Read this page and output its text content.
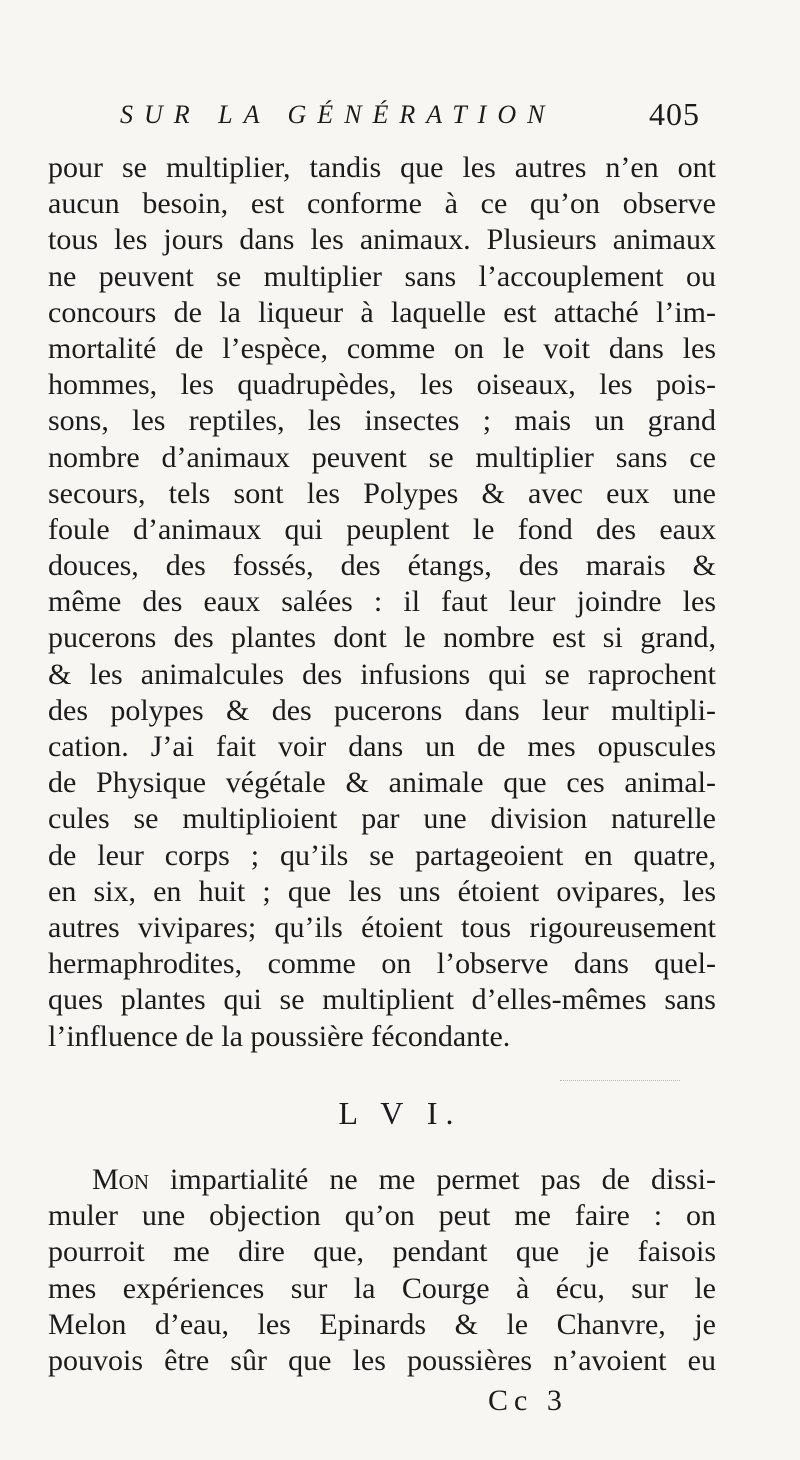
SUR LA GÉNÉRATION	405
pour se multiplier, tandis que les autres n’en ont
aucun besoin, est conforme à ce qu’on observe
tous les jours dans les animaux. Plusieurs animaux
ne peuvent se multiplier sans l’accouplement ou
concours de la liqueur à laquelle est attaché l’im-
mortalité de l’espèce, comme on le voit dans les
hommes, les quadrupèdes, les oiseaux, les pois-
sons, les reptiles, les insectes ; mais un grand
nombre d’animaux peuvent se multiplier sans ce
secours, tels sont les Polypes & avec eux une
foule d’animaux qui peuplent le fond des eaux
douces, des fossés, des étangs, des marais &
même des eaux salées : il faut leur joindre les
pucerons des plantes dont le nombre est si grand,
& les animalcules des infusions qui se raprochent
des polypes & des pucerons dans leur multipli-
cation. J’ai fait voir dans un de mes opuscules
de Physique végétale & animale que ces animal-
cules se multiplioient par une division naturelle
de leur corps ; qu’ils se partageoient en quatre,
en six, en huit ; que les uns étoient ovipares, les
autres vivipares; qu’ils étoient tous rigoureusement
hermaphrodites, comme on l’observe dans quel-
ques plantes qui se multiplient d’elles-mêmes sans
l’influence de la poussière fécondante.
L V I.
Mon impartialité ne me permet pas de dissi-
muler une objection qu’on peut me faire : on
pourroit me dire que, pendant que je faisois
mes expériences sur la Courge à écu, sur le
Melon d’eau, les Epinards & le Chanvre, je
pouvois être sûr que les poussières n’avoient eu
Cc 3
